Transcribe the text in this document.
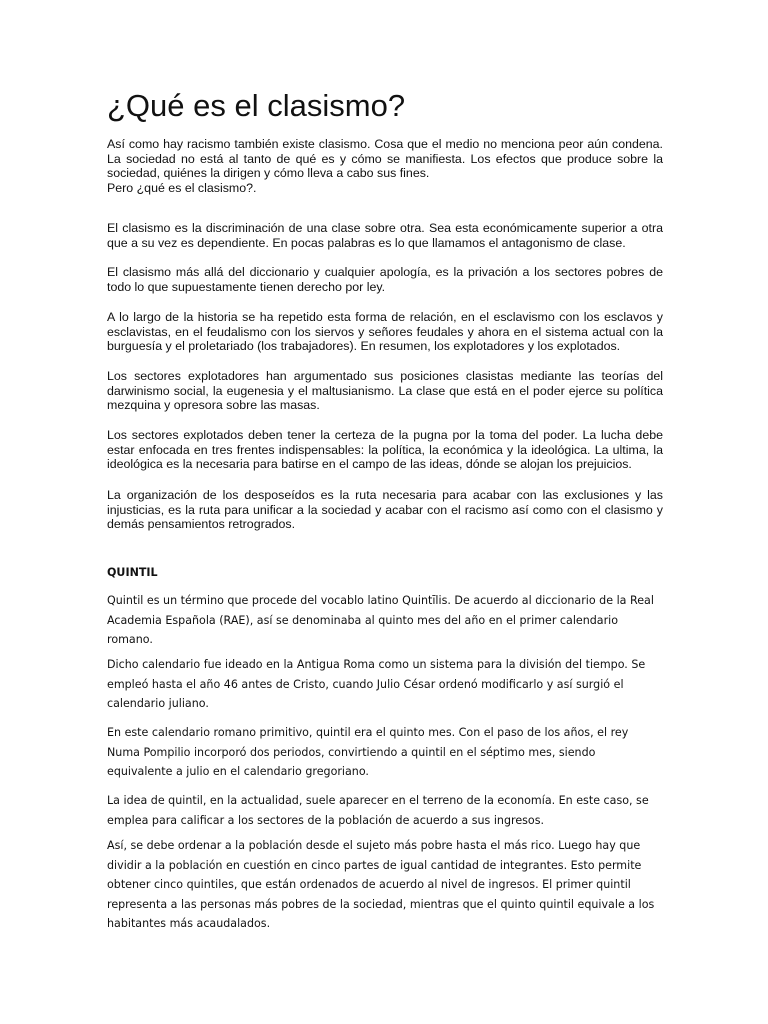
¿Qué es el clasismo?
Así como hay racismo también existe clasismo. Cosa que el medio no menciona peor aún condena. La sociedad no está al tanto de qué es y cómo se manifiesta. Los efectos que produce sobre la sociedad, quiénes la dirigen y cómo lleva a cabo sus fines.
Pero ¿qué es el clasismo?.

El clasismo es la discriminación de una clase sobre otra. Sea esta económicamente superior a otra que a su vez es dependiente. En pocas palabras es lo que llamamos el antagonismo de clase.

El clasismo más allá del diccionario y cualquier apología, es la privación a los sectores pobres de todo lo que supuestamente tienen derecho por ley.

A lo largo de la historia se ha repetido esta forma de relación, en el esclavismo con los esclavos y esclavistas, en el feudalismo con los siervos y señores feudales y ahora en el sistema actual con la burguesía y el proletariado (los trabajadores). En resumen, los explotadores y los explotados.

Los sectores explotadores han argumentado sus posiciones clasistas mediante las teorías del darwinismo social, la eugenesia y el maltusianismo. La clase que está en el poder ejerce su política mezquina y opresora sobre las masas.

Los sectores explotados deben tener la certeza de la pugna por la toma del poder. La lucha debe estar enfocada en tres frentes indispensables: la política, la económica y la ideológica. La ultima, la ideológica es la necesaria para batirse en el campo de las ideas, dónde se alojan los prejuicios.

La organización de los desposeídos es la ruta necesaria para acabar con las exclusiones y las injusticias, es la ruta para unificar a la sociedad y acabar con el racismo así como con el clasismo y demás pensamientos retrogrados.

QUINTIL

Quintil es un término que procede del vocablo latino Quintīlis. De acuerdo al diccionario de la Real Academia Española (RAE), así se denominaba al quinto mes del año en el primer calendario romano.

Dicho calendario fue ideado en la Antigua Roma como un sistema para la división del tiempo. Se empleó hasta el año 46 antes de Cristo, cuando Julio César ordenó modificarlo y así surgió el calendario juliano.

En este calendario romano primitivo, quintil era el quinto mes. Con el paso de los años, el rey Numa Pompilio incorporó dos periodos, convirtiendo a quintil en el séptimo mes, siendo equivalente a julio en el calendario gregoriano.

La idea de quintil, en la actualidad, suele aparecer en el terreno de la economía. En este caso, se emplea para calificar a los sectores de la población de acuerdo a sus ingresos.

Así, se debe ordenar a la población desde el sujeto más pobre hasta el más rico. Luego hay que dividir a la población en cuestión en cinco partes de igual cantidad de integrantes. Esto permite obtener cinco quintiles, que están ordenados de acuerdo al nivel de ingresos. El primer quintil representa a las personas más pobres de la sociedad, mientras que el quinto quintil equivale a los habitantes más acaudalados.
